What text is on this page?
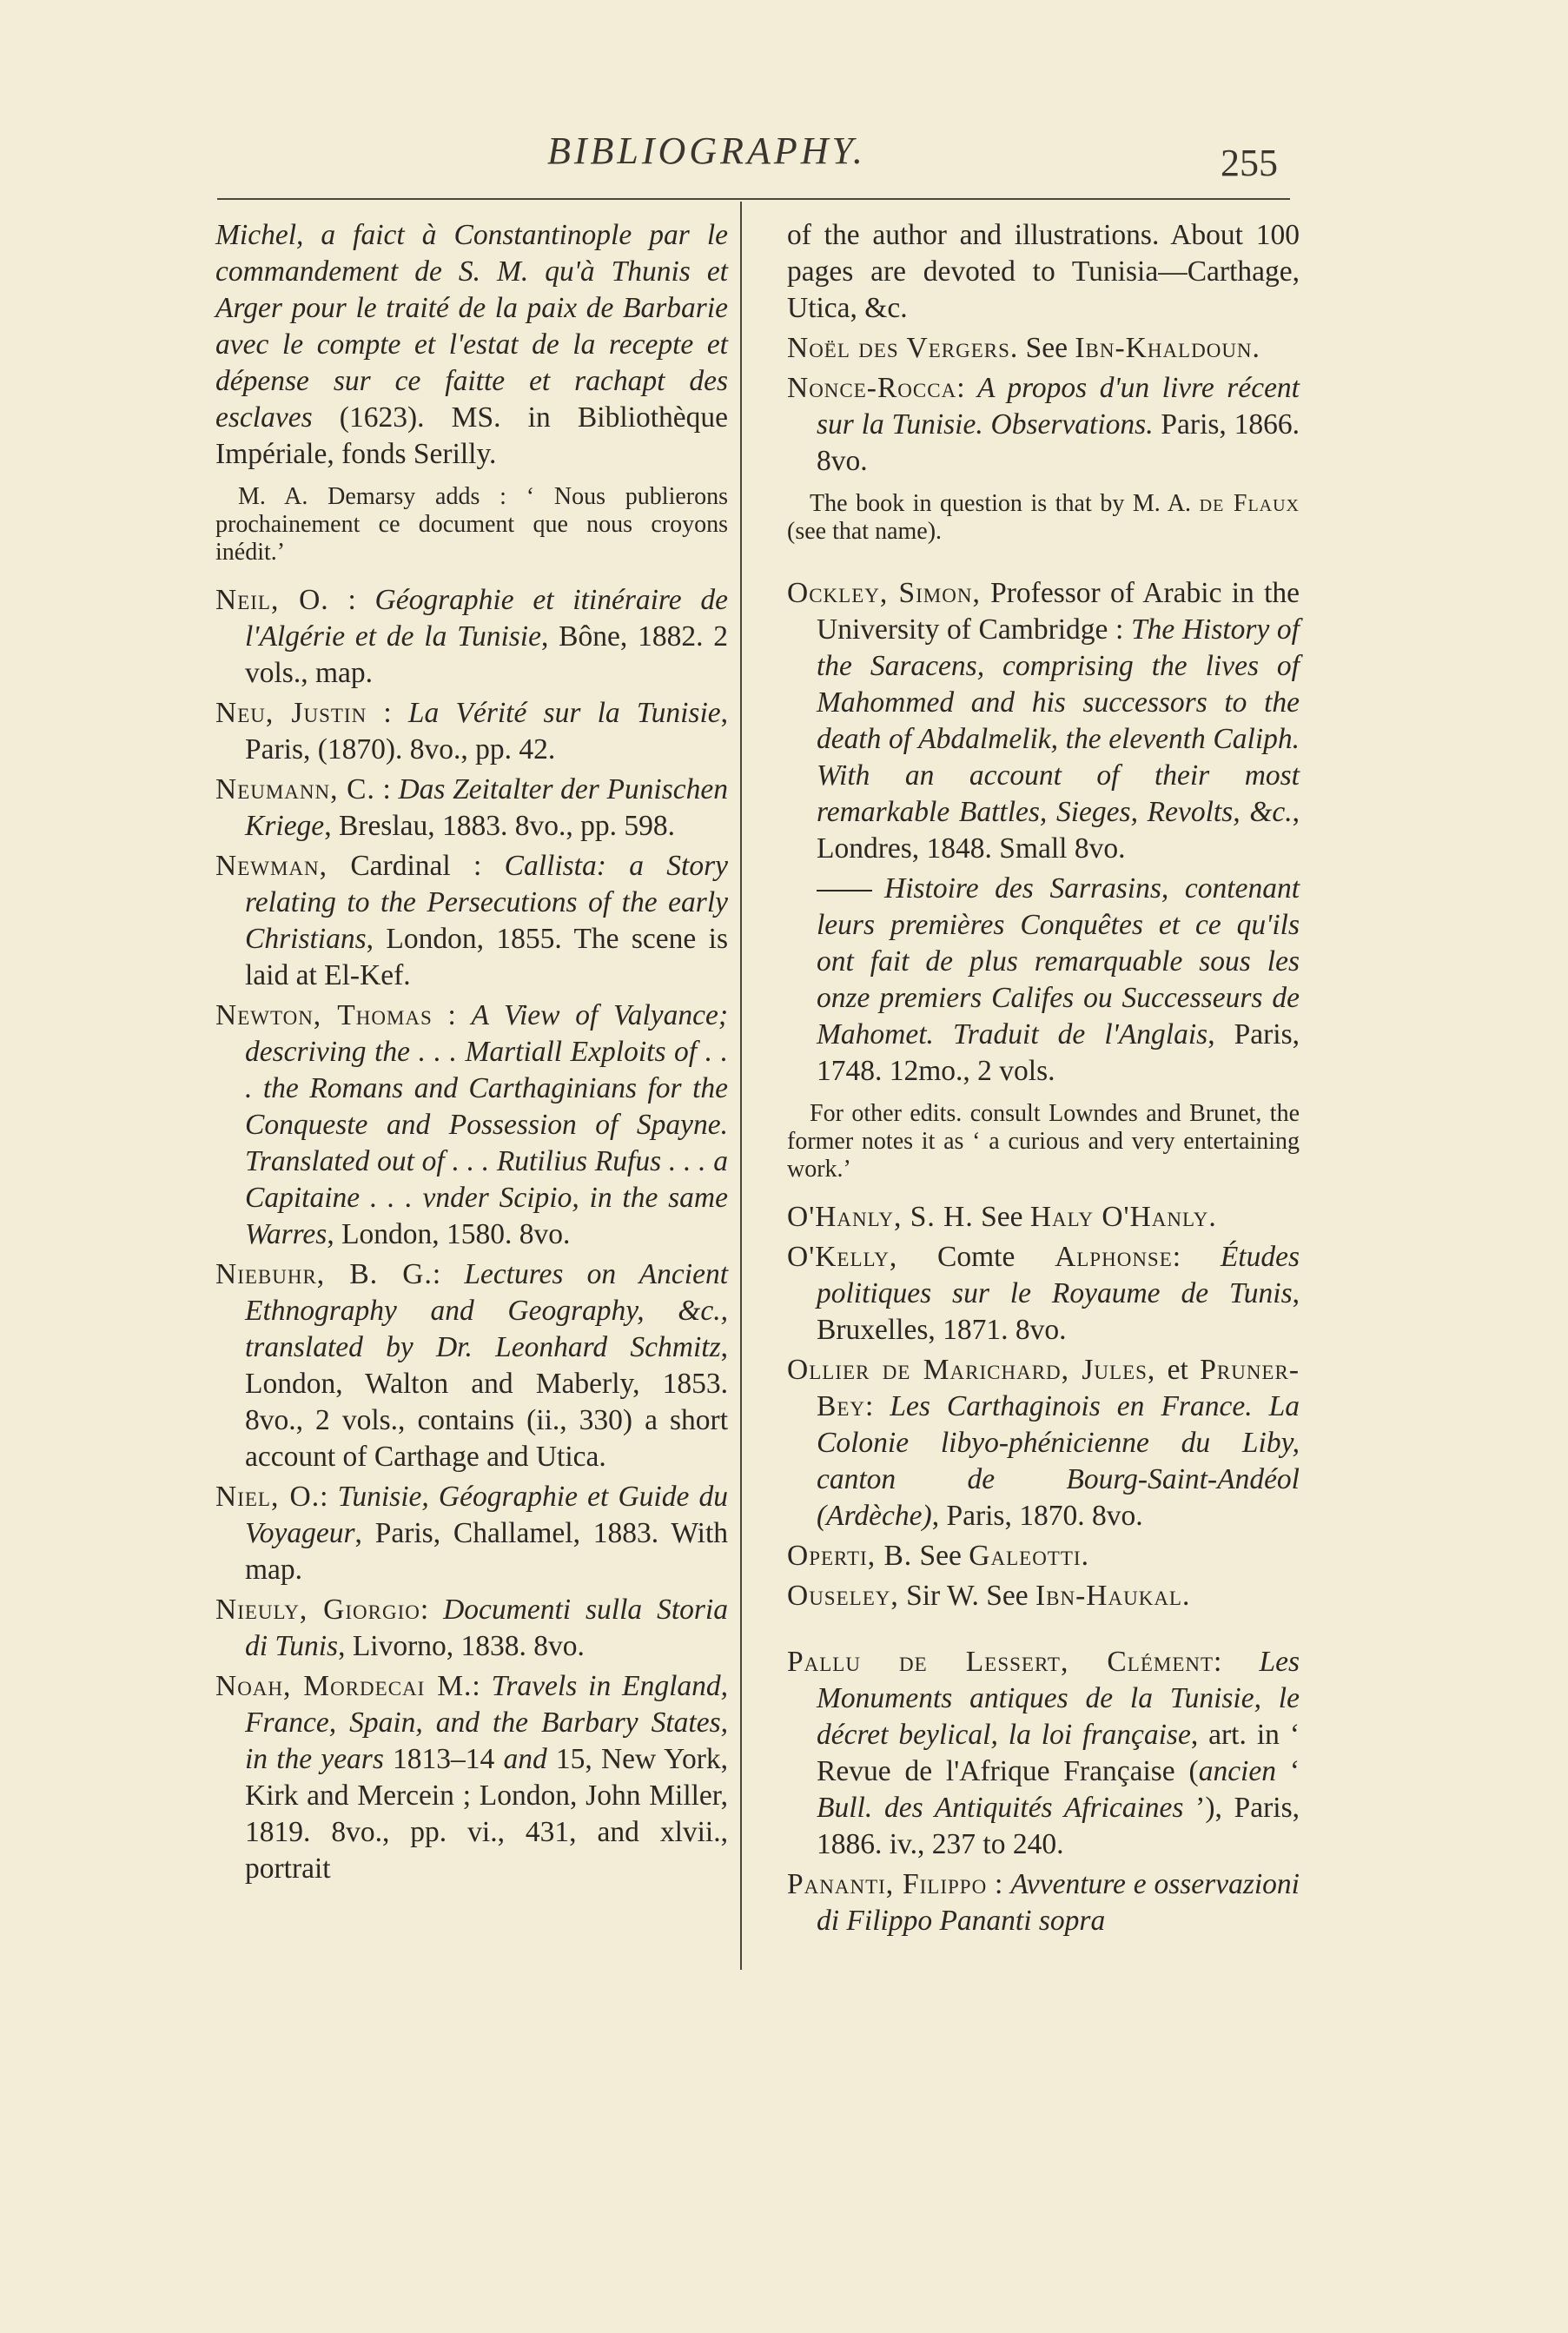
BIBLIOGRAPHY.	255

Michel, a faict à Constantinople par le commandement de S. M. qu'à Thunis et Arger pour le traité de la paix de Barbarie avec le compte et l'estat de la recepte et dépense sur ce faitte et rachapt des esclaves (1623). MS. in Bibliothèque Impériale, fonds Serilly.

M. A. Demarsy adds : ‘ Nous publierons prochainement ce document que nous croyons inédit.’

Neil, O. : Géographie et itinéraire de l'Algérie et de la Tunisie, Bône, 1882. 2 vols., map.

Neu, Justin : La Vérité sur la Tunisie, Paris, (1870). 8vo., pp. 42.

Neumann, C. : Das Zeitalter der Punischen Kriege, Breslau, 1883. 8vo., pp. 598.

Newman, Cardinal : Callista: a Story relating to the Persecutions of the early Christians, London, 1855. The scene is laid at El-Kef.

Newton, Thomas : A View of Valyance; descriving the . . . Martiall Exploits of . . . the Romans and Carthaginians for the Conqueste and Possession of Spayne. Translated out of . . . Rutilius Rufus . . . a Capitaine . . . vnder Scipio, in the same Warres, London, 1580. 8vo.

Niebuhr, B. G.: Lectures on Ancient Ethnography and Geography, &c., translated by Dr. Leonhard Schmitz, London, Walton and Maberly, 1853. 8vo., 2 vols., contains (ii., 330) a short account of Carthage and Utica.

Niel, O.: Tunisie, Géographie et Guide du Voyageur, Paris, Challamel, 1883. With map.

Nieuly, Giorgio: Documenti sulla Storia di Tunis, Livorno, 1838. 8vo.

Noah, Mordecai M.: Travels in England, France, Spain, and the Barbary States, in the years 1813–14 and 15, New York, Kirk and Mercein ; London, John Miller, 1819. 8vo., pp. vi., 431, and xlvii., portrait

of the author and illustrations. About 100 pages are devoted to Tunisia—Carthage, Utica, &c.

Noël des Vergers. See Ibn-Khaldoun.

Nonce-Rocca: A propos d'un livre récent sur la Tunisie. Observations. Paris, 1866. 8vo.

The book in question is that by M. A. de Flaux (see that name).

Ockley, Simon, Professor of Arabic in the University of Cambridge : The History of the Saracens, comprising the lives of Mahommed and his successors to the death of Abdalmelik, the eleventh Caliph. With an account of their most remarkable Battles, Sieges, Revolts, &c., Londres, 1848. Small 8vo.

Histoire des Sarrasins, contenant leurs premières Conquêtes et ce qu'ils ont fait de plus remarquable sous les onze premiers Califes ou Successeurs de Mahomet. Traduit de l'Anglais, Paris, 1748. 12mo., 2 vols.

For other edits. consult Lowndes and Brunet, the former notes it as ‘ a curious and very entertaining work.’

O'Hanly, S. H. See Haly O'Hanly.

O'Kelly, Comte Alphonse: Études politiques sur le Royaume de Tunis, Bruxelles, 1871. 8vo.

Ollier de Marichard, Jules, et Pruner-Bey: Les Carthaginois en France. La Colonie libyo-phénicienne du Liby, canton de Bourg-Saint-Andéol (Ardèche), Paris, 1870. 8vo.

Operti, B. See Galeotti.

Ouseley, Sir W. See Ibn-Haukal.

Pallu de Lessert, Clément: Les Monuments antiques de la Tunisie, le décret beylical, la loi française, art. in ‘ Revue de l'Afrique Française (ancien ‘ Bull. des Antiquités Africaines ’), Paris, 1886. iv., 237 to 240.

Pananti, Filippo : Avventure e osservazioni di Filippo Pananti sopra
